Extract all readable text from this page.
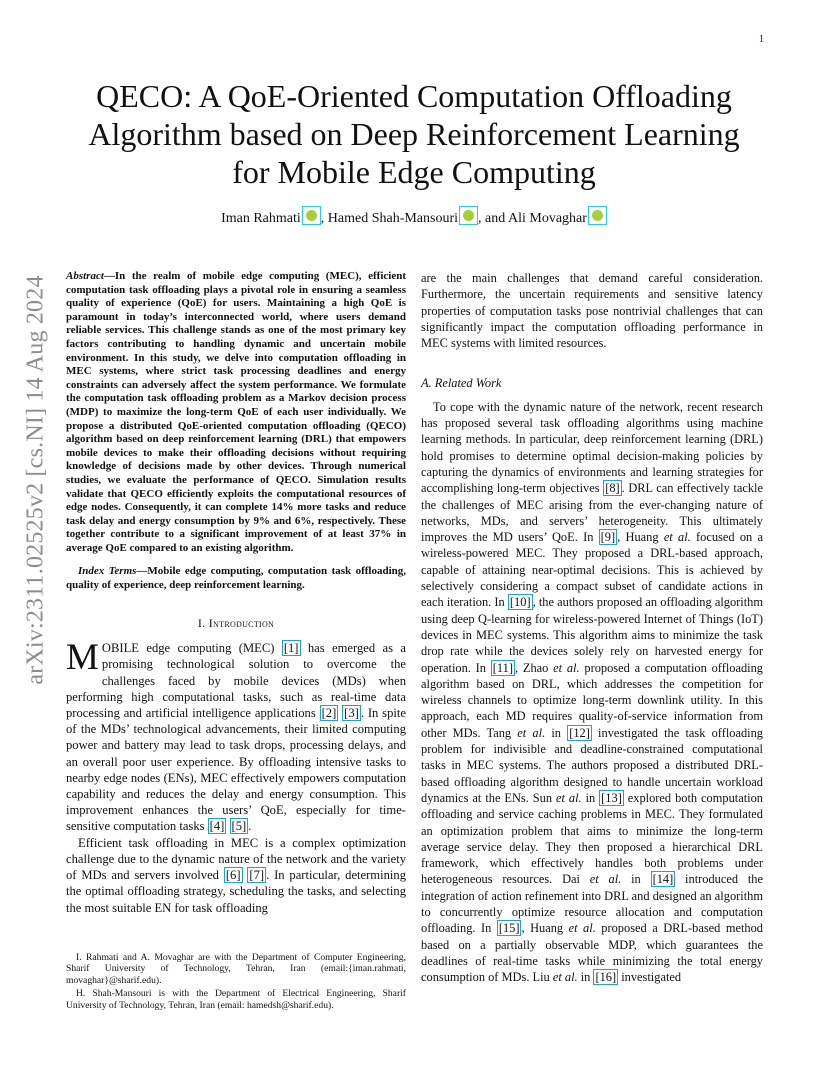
1
QECO: A QoE-Oriented Computation Offloading
Algorithm based on Deep Reinforcement Learning
for Mobile Edge Computing
Iman Rahmati , Hamed Shah-Mansouri , and Ali Movaghar
arXiv:2311.02525v2 [cs.NI] 14 Aug 2024 Abstract—In the realm of mobile edge computing (MEC), efficient computation task offloading plays a pivotal role in ensuring a seamless quality of experience (QoE) for users. Maintaining a high QoE is paramount in today’s interconnected world, where users demand reliable services. This challenge stands as one of the most primary key factors contributing to handling dynamic and uncertain mobile environment. In this study, we delve into computation offloading in MEC systems, where strict task processing deadlines and energy constraints can adversely affect the system performance. We formulate the computation task offloading problem as a Markov decision process (MDP) to maximize the long-term QoE of each user individually. We propose a distributed QoE-oriented computation offloading (QECO) algorithm based on deep reinforcement learning (DRL) that empowers mobile devices to make their offloading decisions without requiring knowledge of decisions made by other devices. Through numerical studies, we evaluate the performance of QECO. Simulation results validate that QECO efficiently exploits the computational resources of edge nodes. Consequently, it can complete 14% more tasks and reduce task delay and energy consumption by 9% and 6%, respectively. These together contribute to a significant improvement of at least 37% in average QoE compared to an existing algorithm.

Index Terms—Mobile edge computing, computation task offloading, quality of experience, deep reinforcement learning.

I. Introduction

MOBILE edge computing (MEC) [1] has emerged as a promising technological solution to overcome the challenges faced by mobile devices (MDs) when performing high computational tasks, such as real-time data processing and artificial intelligence applications [2] [3] . In spite of the MDs’ technological advancements, their limited computing power and battery may lead to task drops, processing delays, and an overall poor user experience. By offloading intensive tasks to nearby edge nodes (ENs), MEC effectively empowers computation capability and reduces the delay and energy consumption. This improvement enhances the users’ QoE, especially for time-sensitive computation tasks [4] [5] .

Efficient task offloading in MEC is a complex optimization challenge due to the dynamic nature of the network and the variety of MDs and servers involved [6] [7] . In particular, determining the optimal offloading strategy, scheduling the tasks, and selecting the most suitable EN for task offloading

I. Rahmati and A. Movaghar are with the Department of Computer Engineering, Sharif University of Technology, Tehran, Iran (email:{iman.rahmati, movaghar}@sharif.edu).

H. Shah-Mansouri is with the Department of Electrical Engineering, Sharif University of Technology, Tehran, Iran (email: hamedsh@sharif.edu).

are the main challenges that demand careful consideration. Furthermore, the uncertain requirements and sensitive latency properties of computation tasks pose nontrivial challenges that can significantly impact the computation offloading performance in MEC systems with limited resources.

A. Related Work

To cope with the dynamic nature of the network, recent research has proposed several task offloading algorithms using machine learning methods. In particular, deep reinforcement learning (DRL) hold promises to determine optimal decision-making policies by capturing the dynamics of environments and learning strategies for accomplishing long-term objectives [8] . DRL can effectively tackle the challenges of MEC arising from the ever-changing nature of networks, MDs, and servers’ heterogeneity. This ultimately improves the MD users’ QoE. In [9] , Huang et al. focused on a wireless-powered MEC. They proposed a DRL-based approach, capable of attaining near-optimal decisions. This is achieved by selectively considering a compact subset of candidate actions in each iteration. In [10] , the authors proposed an offloading algorithm using deep Q-learning for wireless-powered Internet of Things (IoT) devices in MEC systems. This algorithm aims to minimize the task drop rate while the devices solely rely on harvested energy for operation. In [11] , Zhao et al. proposed a computation offloading algorithm based on DRL, which addresses the competition for wireless channels to optimize long-term downlink utility. In this approach, each MD requires quality-of-service information from other MDs. Tang et al. in [12] investigated the task offloading problem for indivisible and deadline-constrained computational tasks in MEC systems. The authors proposed a distributed DRL-based offloading algorithm designed to handle uncertain workload dynamics at the ENs. Sun et al. in [13] explored both computation offloading and service caching problems in MEC. They formulated an optimization problem that aims to minimize the long-term average service delay. They then proposed a hierarchical DRL framework, which effectively handles both problems under heterogeneous resources. Dai et al. in [14] introduced the integration of action refinement into DRL and designed an algorithm to concurrently optimize resource allocation and computation offloading. In [15] , Huang et al. proposed a DRL-based method based on a partially observable MDP, which guarantees the deadlines of real-time tasks while minimizing the total energy consumption of MDs. Liu et al. in [16] investigated
